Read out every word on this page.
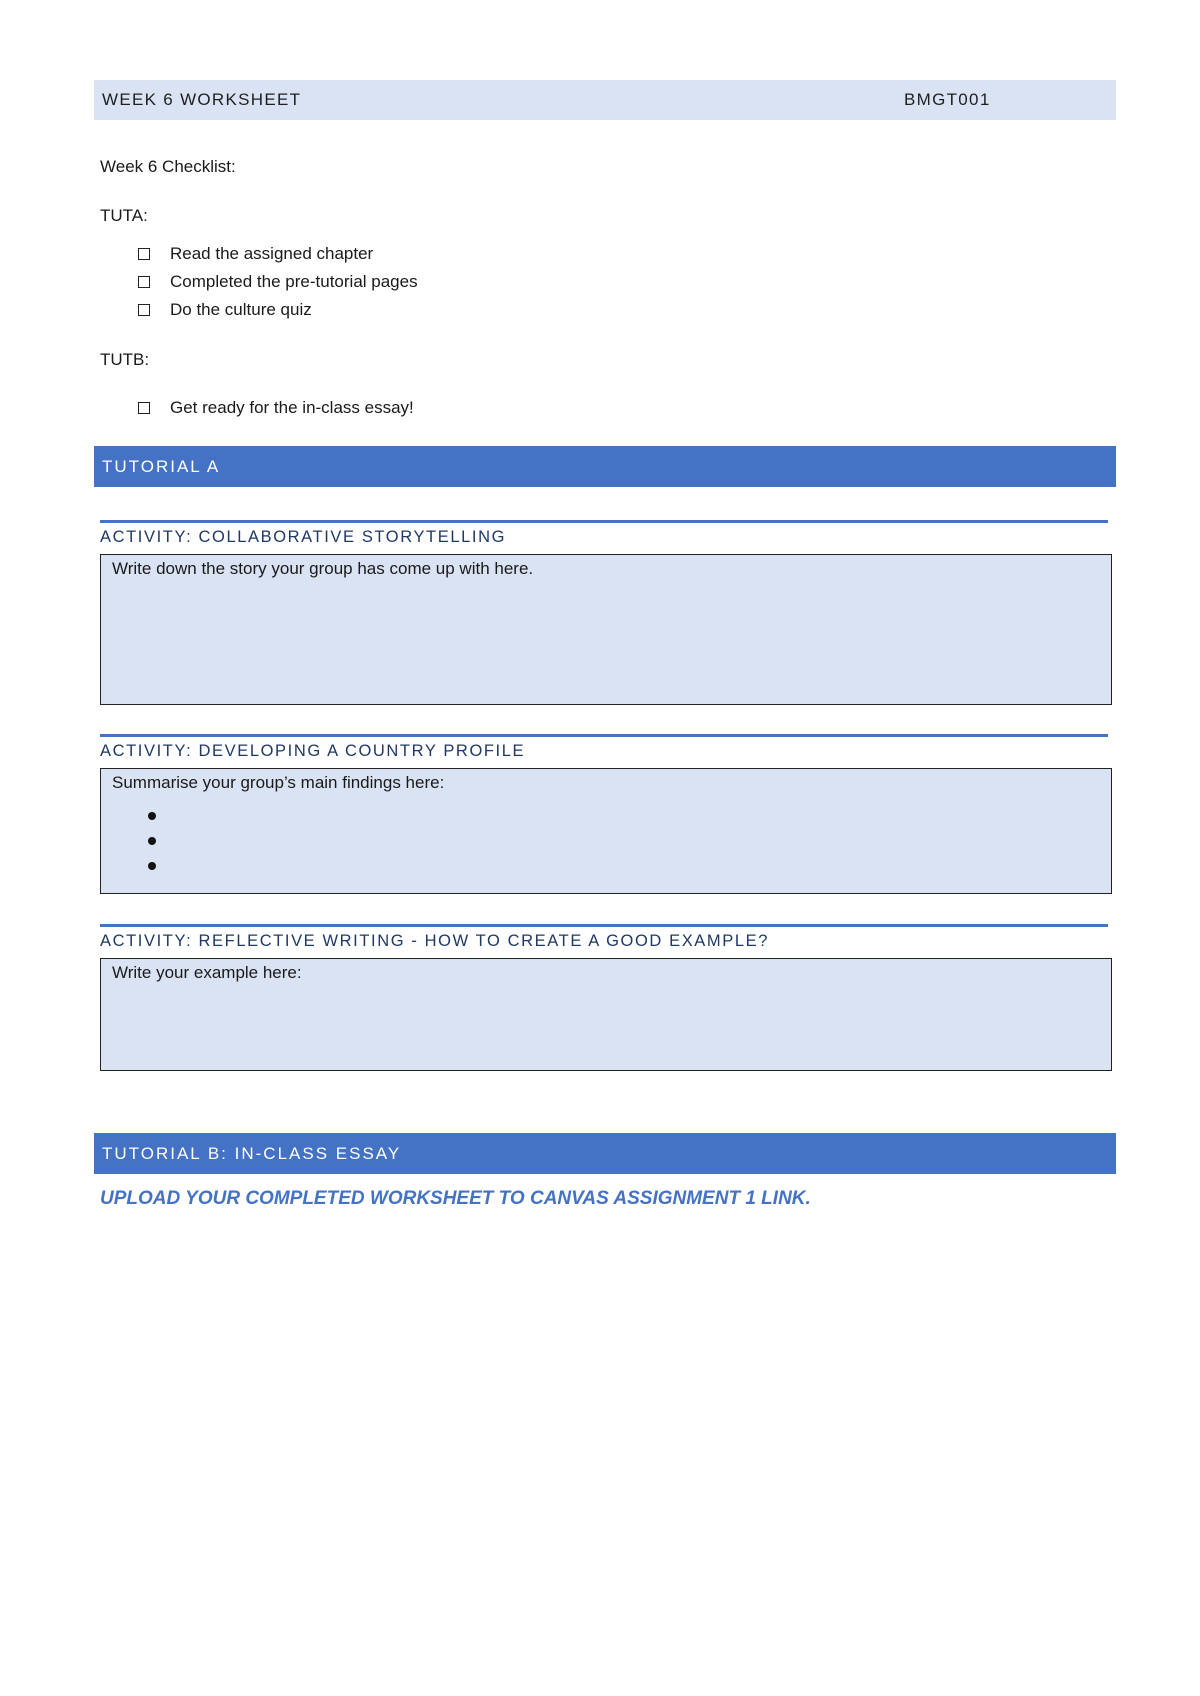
WEEK 6 WORKSHEET	BMGT001
Week 6 Checklist:
TUTA:
Read the assigned chapter
Completed the pre-tutorial pages
Do the culture quiz
TUTB:
Get ready for the in-class essay!
TUTORIAL A
ACTIVITY: COLLABORATIVE STORYTELLING
Write down the story your group has come up with here.
ACTIVITY: DEVELOPING A COUNTRY PROFILE
Summarise your group’s main findings here:
ACTIVITY: REFLECTIVE WRITING - HOW TO CREATE A GOOD EXAMPLE?
Write your example here:
TUTORIAL B: IN-CLASS ESSAY
UPLOAD YOUR COMPLETED WORKSHEET TO CANVAS ASSIGNMENT 1 LINK.
